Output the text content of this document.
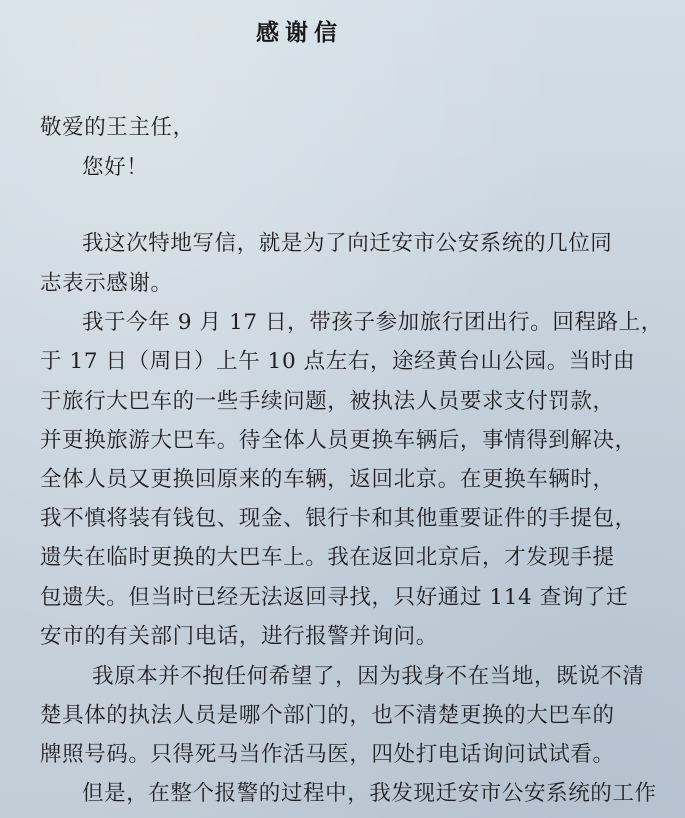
感谢信
敬爱的王主任，
您好！
我这次特地写信，就是为了向迁安市公安系统的几位同
志表示感谢。
我于今年 9 月 17 日，带孩子参加旅行团出行。回程路上，
于 17 日（周日）上午 10 点左右，途经黄台山公园。当时由
于旅行大巴车的一些手续问题，被执法人员要求支付罚款，
并更换旅游大巴车。待全体人员更换车辆后，事情得到解决，
全体人员又更换回原来的车辆，返回北京。在更换车辆时，
我不慎将装有钱包、现金、银行卡和其他重要证件的手提包，
遗失在临时更换的大巴车上。我在返回北京后，才发现手提
包遗失。但当时已经无法返回寻找，只好通过 114 查询了迁
安市的有关部门电话，进行报警并询问。
我原本并不抱任何希望了，因为我身不在当地，既说不清
楚具体的执法人员是哪个部门的，也不清楚更换的大巴车的
牌照号码。只得死马当作活马医，四处打电话询问试试看。
但是，在整个报警的过程中，我发现迁安市公安系统的工作
